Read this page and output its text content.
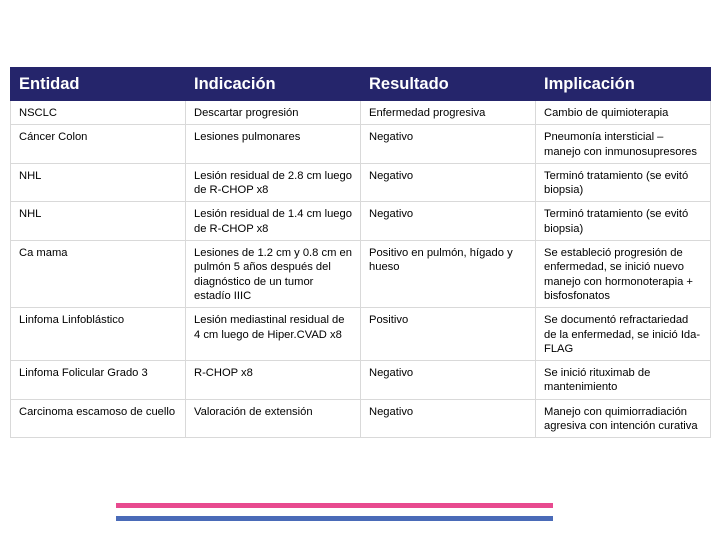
Entidad	Indicación	Resultado	Implicación
NSCLC	Descartar progresión	Enfermedad progresiva	Cambio de quimioterapia
Cáncer Colon	Lesiones pulmonares	Negativo	Pneumonía intersticial – manejo con inmunosupresores
NHL	Lesión residual de 2.8 cm luego de R-CHOP x8	Negativo	Terminó tratamiento (se evitó biopsia)
NHL	Lesión residual de 1.4 cm luego de R-CHOP x8	Negativo	Terminó tratamiento (se evitó biopsia)
Ca mama	Lesiones de 1.2 cm y 0.8 cm en pulmón 5 años después del diagnóstico de un tumor estadío IIIC	Positivo en pulmón, hígado y hueso	Se estableció progresión de enfermedad, se inició nuevo manejo con hormonoterapia + bisfosfonatos
Linfoma Linfoblástico	Lesión mediastinal residual de 4 cm luego de Hiper.CVAD x8	Positivo	Se documentó refractariedad de la enfermedad, se inició Ida-FLAG
Linfoma Folicular Grado 3	R-CHOP x8	Negativo	Se inició rituximab de mantenimiento
Carcinoma escamoso de cuello	Valoración de extensión	Negativo	Manejo con quimiorradiación agresiva con intención curativa
